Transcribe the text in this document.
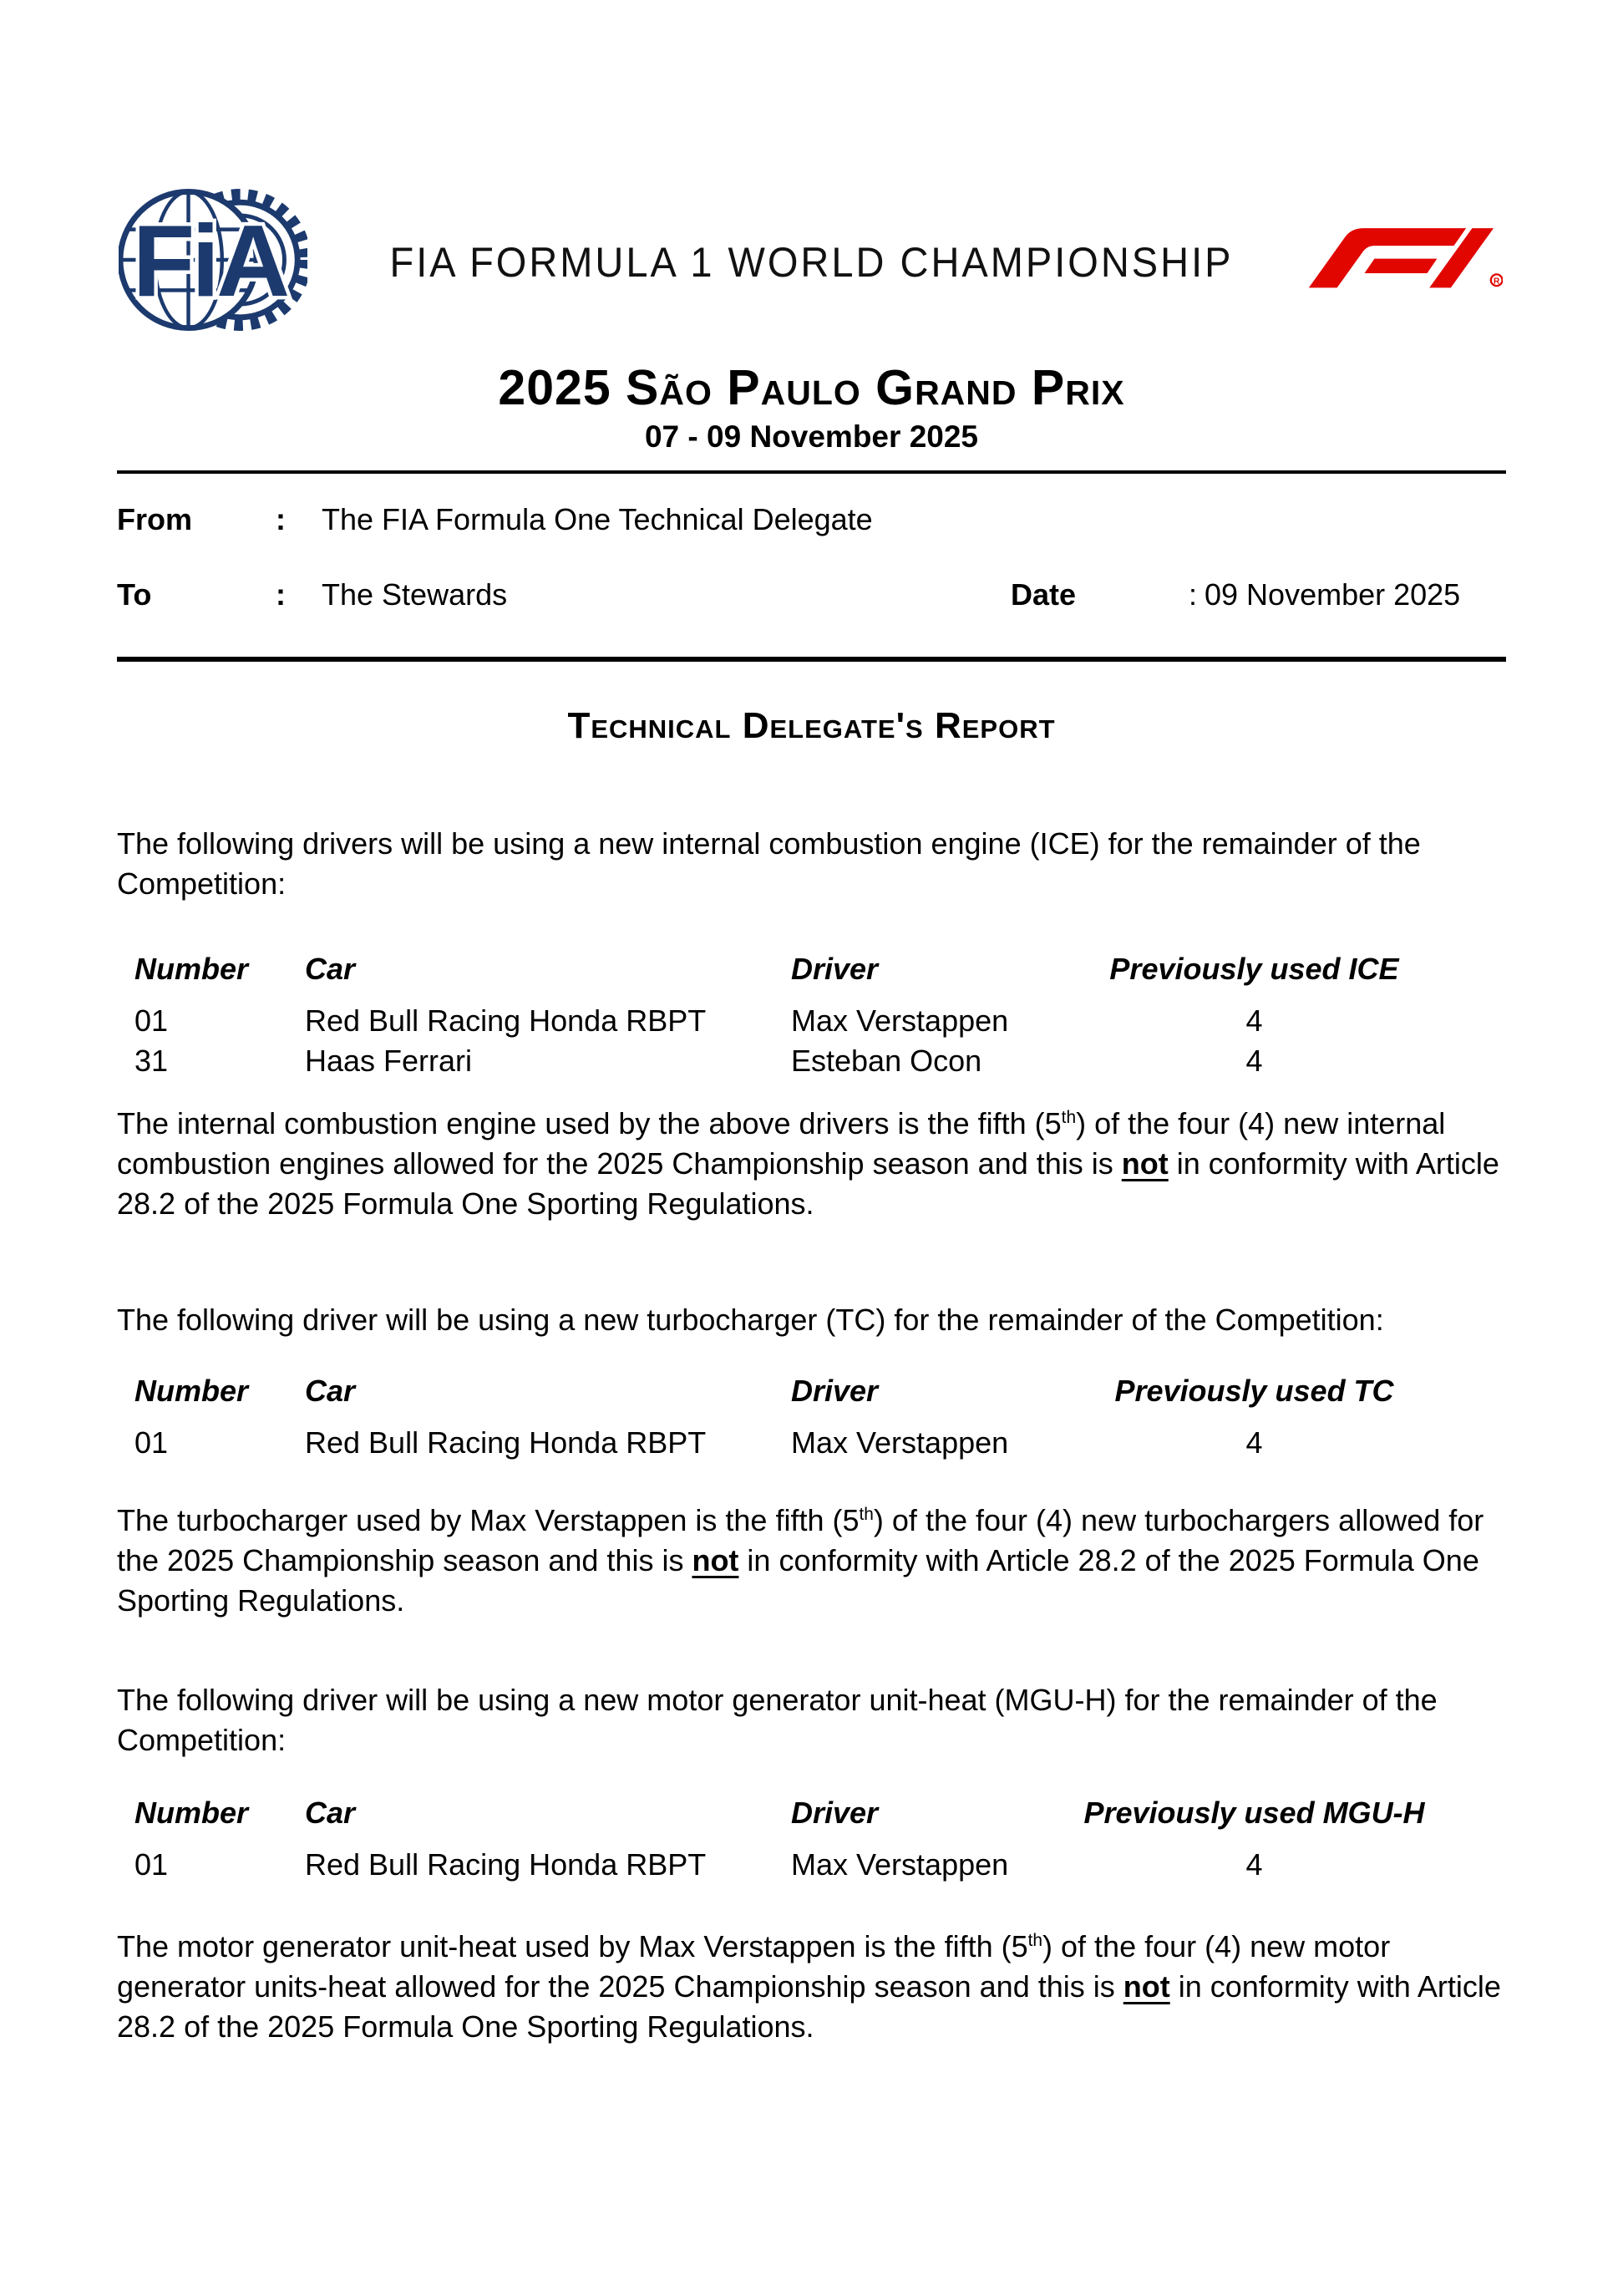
FiA	FIA FORMULA 1 WORLD CHAMPIONSHIP	R
2025 São Paulo Grand Prix
07 - 09 November 2025
From	: The FIA Formula One Technical Delegate
To	: The Stewards	Date	: 09 November 2025
Technical Delegate's Report

The following drivers will be using a new internal combustion engine (ICE) for the remainder of the Competition:

Number	Car	Driver	Previously used ICE
01	Red Bull Racing Honda RBPT	Max Verstappen	4
31	Haas Ferrari	Esteban Ocon	4

The internal combustion engine used by the above drivers is the fifth (5th) of the four (4) new internal combustion engines allowed for the 2025 Championship season and this is not in conformity with Article 28.2 of the 2025 Formula One Sporting Regulations.

The following driver will be using a new turbocharger (TC) for the remainder of the Competition:

Number	Car	Driver	Previously used TC
01	Red Bull Racing Honda RBPT	Max Verstappen	4

The turbocharger used by Max Verstappen is the fifth (5th) of the four (4) new turbochargers allowed for the 2025 Championship season and this is not in conformity with Article 28.2 of the 2025 Formula One Sporting Regulations.

The following driver will be using a new motor generator unit-heat (MGU-H) for the remainder of the Competition:

Number	Car	Driver	Previously used MGU-H
01	Red Bull Racing Honda RBPT	Max Verstappen	4

The motor generator unit-heat used by Max Verstappen is the fifth (5th) of the four (4) new motor generator units-heat allowed for the 2025 Championship season and this is not in conformity with Article 28.2 of the 2025 Formula One Sporting Regulations.
